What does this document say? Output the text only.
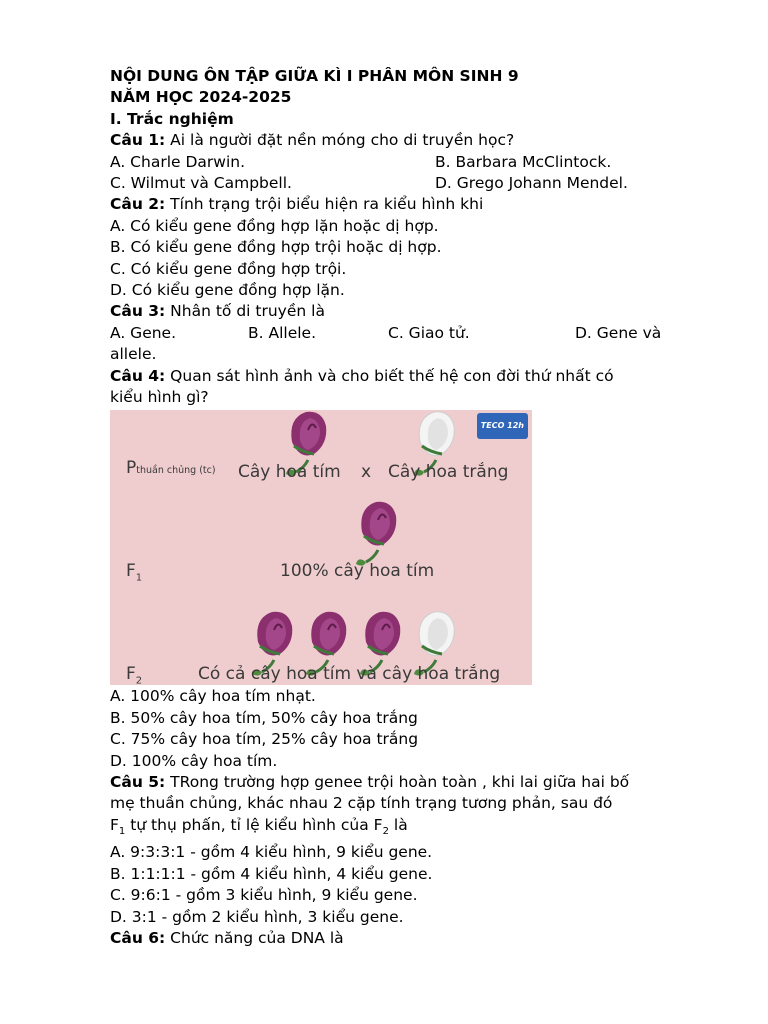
NỘI DUNG ÔN TẬP GIỮA KÌ I PHÂN MÔN SINH 9
NĂM HỌC 2024-2025
I. Trắc nghiệm
Câu 1: Ai là người đặt nền móng cho di truyền học?
A. Charle Darwin.	B. Barbara McClintock.
C. Wilmut và Campbell.	D. Grego Johann Mendel.
Câu 2: Tính trạng trội biểu hiện ra kiểu hình khi
A. Có kiểu gene đồng hợp lặn hoặc dị hợp.
B. Có kiểu gene đồng hợp trội hoặc dị hợp.
C. Có kiểu gene đồng hợp trội.
D. Có kiểu gene đồng hợp lặn.
Câu 3: Nhân tố di truyền là
A. Gene.	B. Allele.	C. Giao tử.	D. Gene và
allele.
Câu 4: Quan sát hình ảnh và cho biết thế hệ con đời thứ nhất có
kiểu hình gì?
TECO 12h
Pthuần chủng (tc) Cây hoa tím x Cây hoa trắng
$F_1$	100% cây hoa tím
$F_2$	Có cả cây hoa tím và cây hoa trắng
A. 100% cây hoa tím nhạt.
B. 50% cây hoa tím, 50% cây hoa trắng
C. 75% cây hoa tím, 25% cây hoa trắng
D. 100% cây hoa tím.
Câu 5: TRong trường hợp genee trội hoàn toàn , khi lai giữa hai bố
mẹ thuần chủng, khác nhau 2 cặp tính trạng tương phản, sau đó
$F_1$ tự thụ phấn, tỉ lệ kiểu hình của $F_2$ là
A. 9:3:3:1 - gồm 4 kiểu hình, 9 kiểu gene.
B. 1:1:1:1 - gồm 4 kiểu hình, 4 kiểu gene.
C. 9:6:1 - gồm 3 kiểu hình, 9 kiểu gene.
D. 3:1 - gồm 2 kiểu hình, 3 kiểu gene.
Câu 6: Chức năng của DNA là
